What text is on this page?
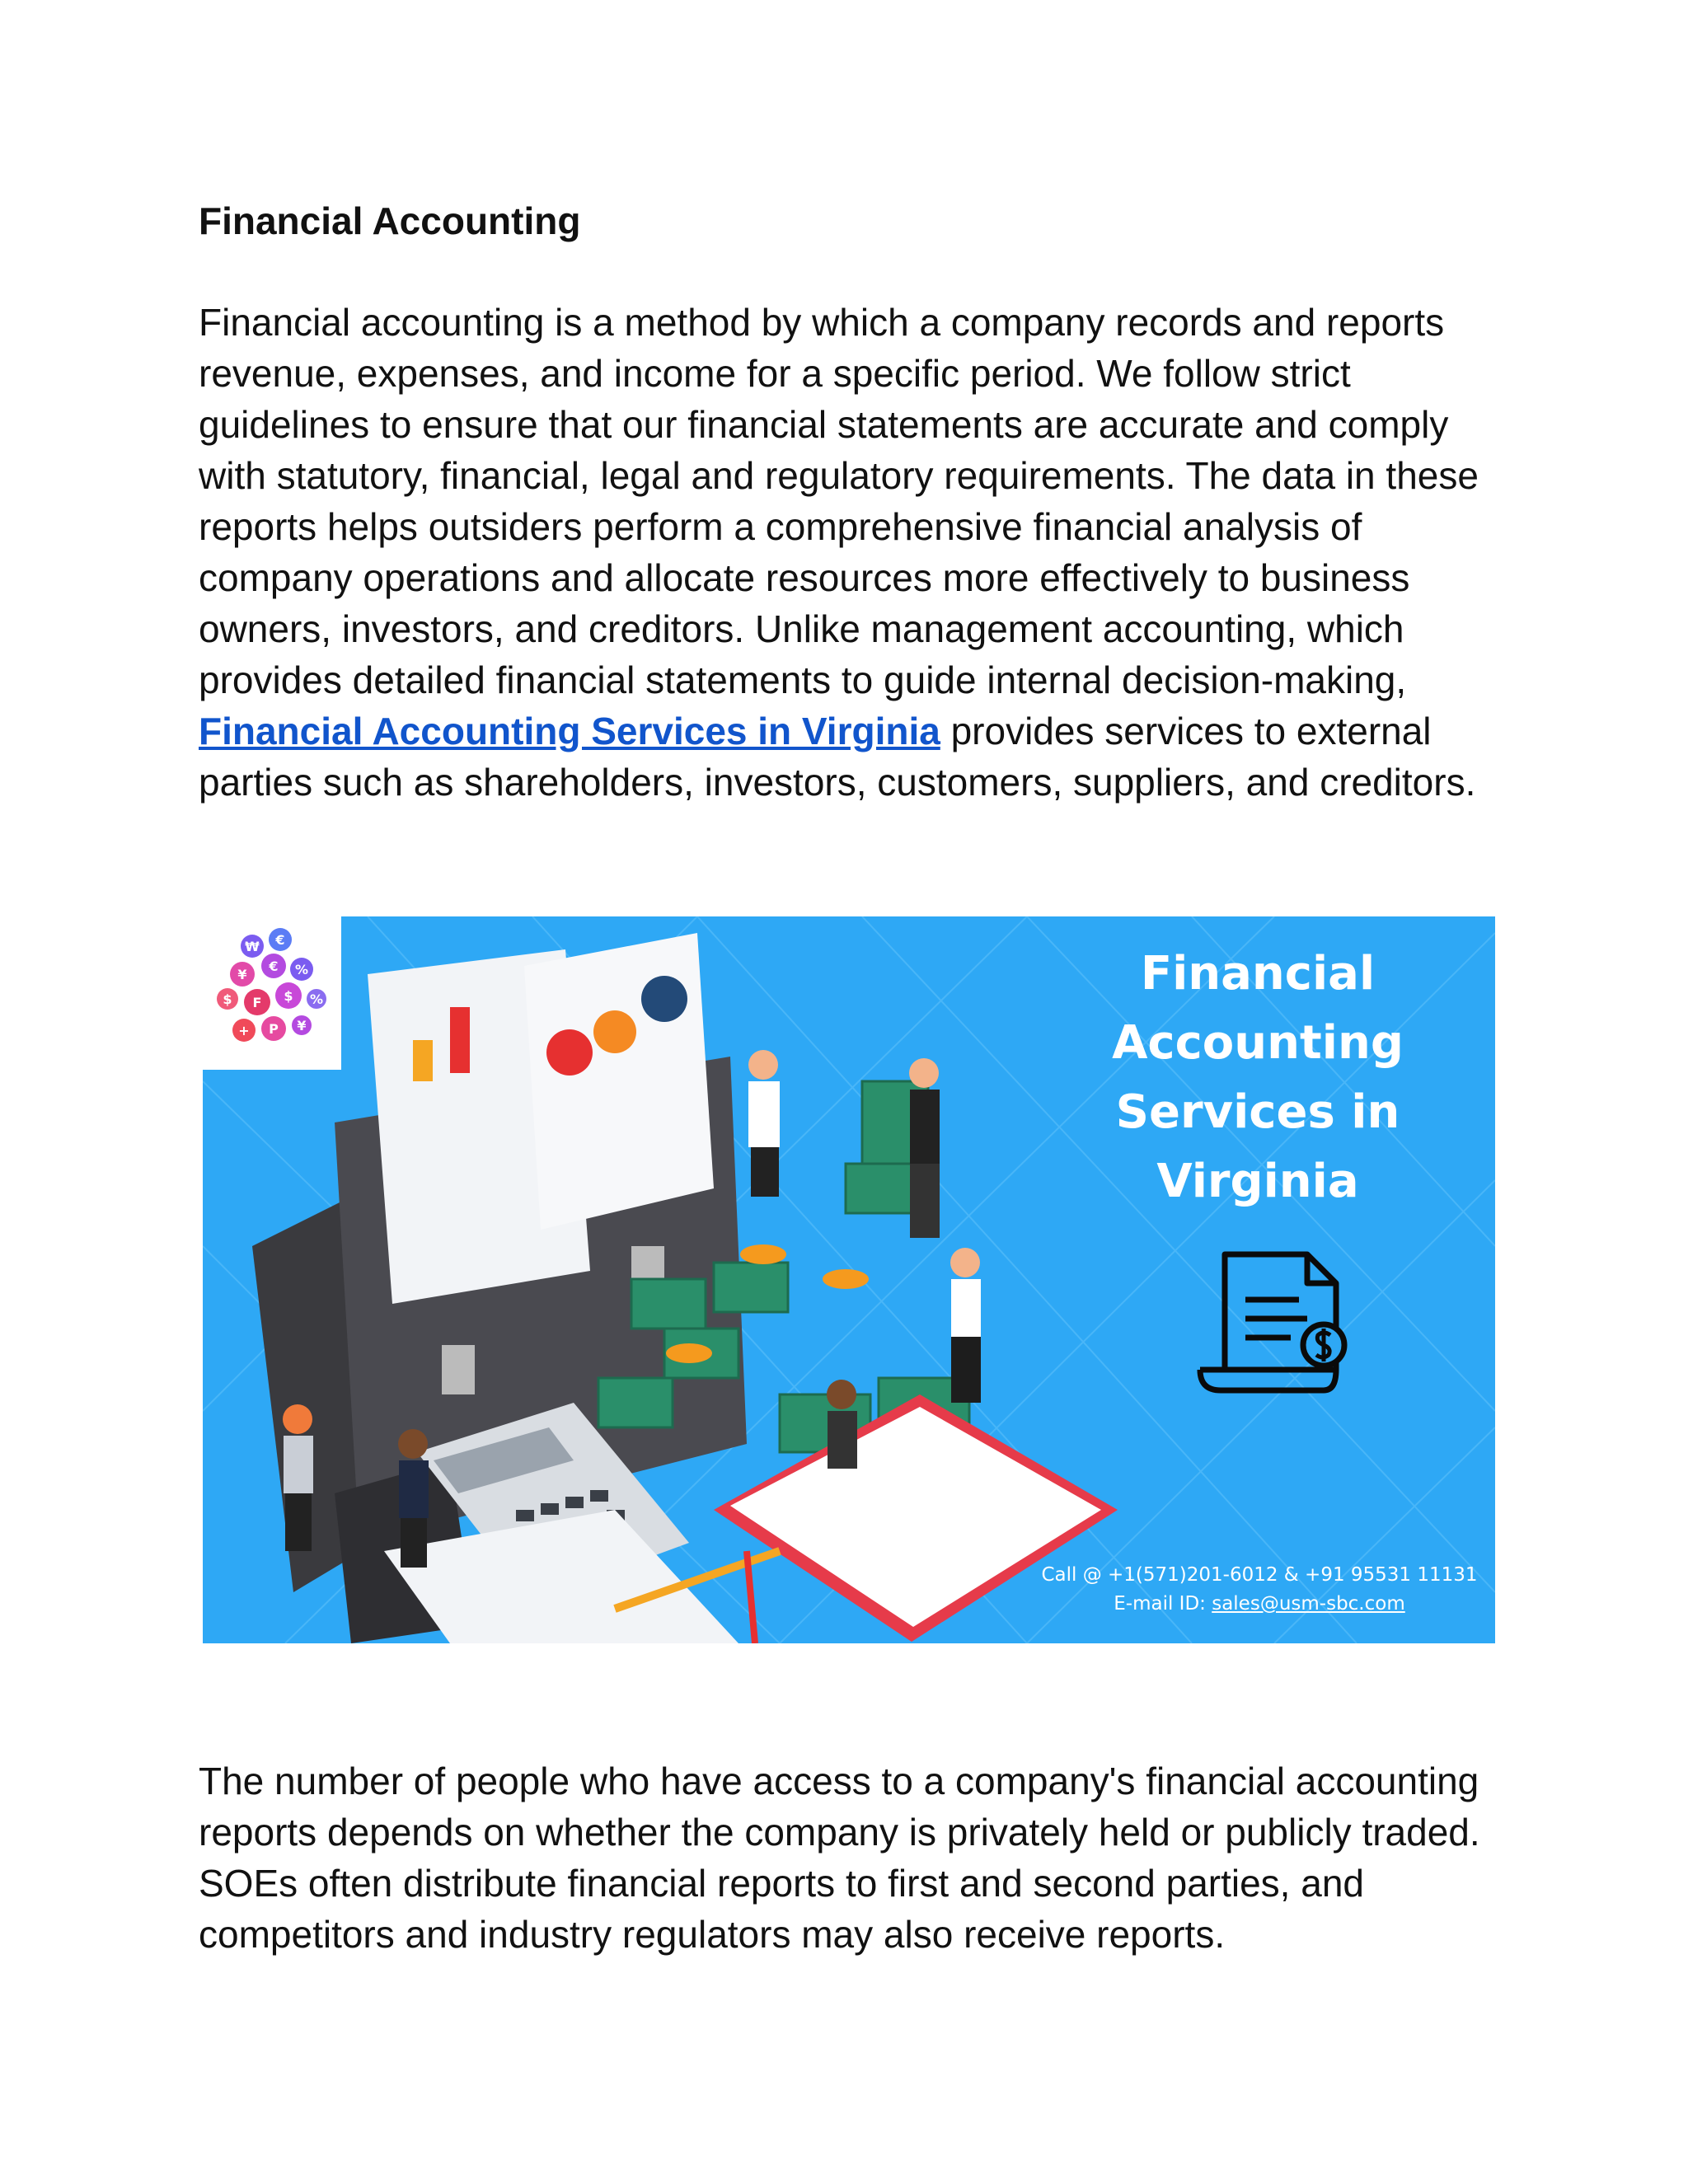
Financial Accounting

Financial accounting is a method by which a company records and reports revenue, expenses, and income for a specific period. We follow strict guidelines to ensure that our financial statements are accurate and comply with statutory, financial, legal and regulatory requirements. The data in these reports helps outsiders perform a comprehensive financial analysis of company operations and allocate resources more effectively to business owners, investors, and creditors. Unlike management accounting, which provides detailed financial statements to guide internal decision-making, Financial Accounting Services in Virginia provides services to external parties such as shareholders, investors, customers, suppliers, and creditors.

₩ €
¥
€ %
$ F $ %
+ P ¥
Financial Accounting
Services in Virginia
Call @ +1(571)201-6012 & +91 95531 11131
E-mail ID: sales@usm-sbc.com

The number of people who have access to a company's financial accounting reports depends on whether the company is privately held or publicly traded. SOEs often distribute financial reports to first and second parties, and competitors and industry regulators may also receive reports.
